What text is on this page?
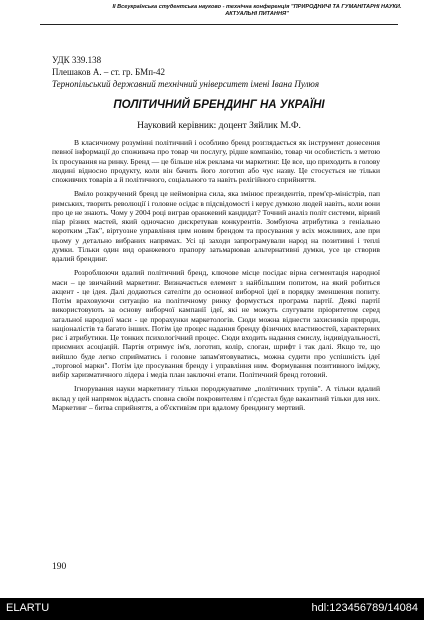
ІІ Всеукраїнська студентська науково - технічна конференція "ПРИРОДНИЧІ ТА ГУМАНІТАРНІ НАУКИ. АКТУАЛЬНІ ПИТАННЯ"
УДК 339.138
Плешаков А. – ст. гр. БМп-42
Тернопільський державний технічний університет імені Івана Пулюя
ПОЛІТИЧНИЙ БРЕНДИНГ НА УКРАЇНІ
Науковий керівник: доцент Зяйлик М.Ф.

В класичному розумінні політичний і особливо бренд розглядається як інструмент донесення певної інформації до споживача про товар чи послугу, рідше компанію, товар чи особистість з метою їх просування на ринку. Бренд — це більше ніж реклама чи маркетинг. Це все, що приходить в голову людині відносно продукту, коли він бачить його логотип або чує назву. Це стосується не тільки споживчих товарів а й політичного, соціального та навіть релігійного сприйняття.

Вміло розкручений бренд це неймовірна сила, яка змінює президентів, прем'єр-міністрів, пап римських, творить революції і головне осідає в підсвідомості і керує думкою людей навіть, коли вони про це не знають. Чому у 2004 році виграв оранжевий кандидат? Точний аналіз політ системи, вірний пiар різних мастей, який одночасно дискретував конкурентів. Зомбуюча атрибутика з геніально коротким „Так", віртуозне управління цим новим брендом та просування у всіх можливих, але при цьому у детально вибраних напрямах. Усі ці заходи запрограмували народ на позитивні і теплі думки. Тільки один вид оранжевого прапору затьмарював альтернативні думки, усе це створив вдалий брендинг.

Розроблюючи вдалий політичний бренд, ключове місце посідає вірна сегментація народної маси – це звичайний маркетинг. Визначається елемент з найбільшим попитом, на який робиться акцент - це ідея. Далі додаються сателіти до основної виборчої ідеї в порядку зменшення попиту. Потім враховуючи ситуацію на політичному ринку формується програма партії. Деякі партії використовують за основу виборчої кампанії ідеї, які не можуть слугувати пріоритетом серед загальної народної маси - це прорахунки маркетологів. Сюди можна віднести захисників природи, націоналістів та багато інших. Потім іде процес надання бренду фізичних властивостей, характерних рис і атрибутики. Це тонких психологічний процес. Сюди входить надання смислу, індивідуальності, приємних асоціацій. Партія отримує ім'я, логотип, колір, слоган, шрифт і так далі. Якщо те, що вийшло буде легко сприйматись і головне запам'ятовуватись, можна судити про успішність ідеї „торгової марки". Потім іде просування бренду і управління ним. Формування позитивного іміджу, вибір харизматичного лідера і медіа план заключні етапи. Політичний бренд готовий.

Ігнорування науки маркетингу тільки породжуватиме „політичних трупів". А тільки вдалий вклад у цей напрямок віддасть сповна своїм покровителям і п'єдестал буде вакантний тільки для них. Маркетинг – битва сприйняття, а об'єктивізм при вдалому брендингу мертвий.

190
ELARTU	hdl:123456789/14084
